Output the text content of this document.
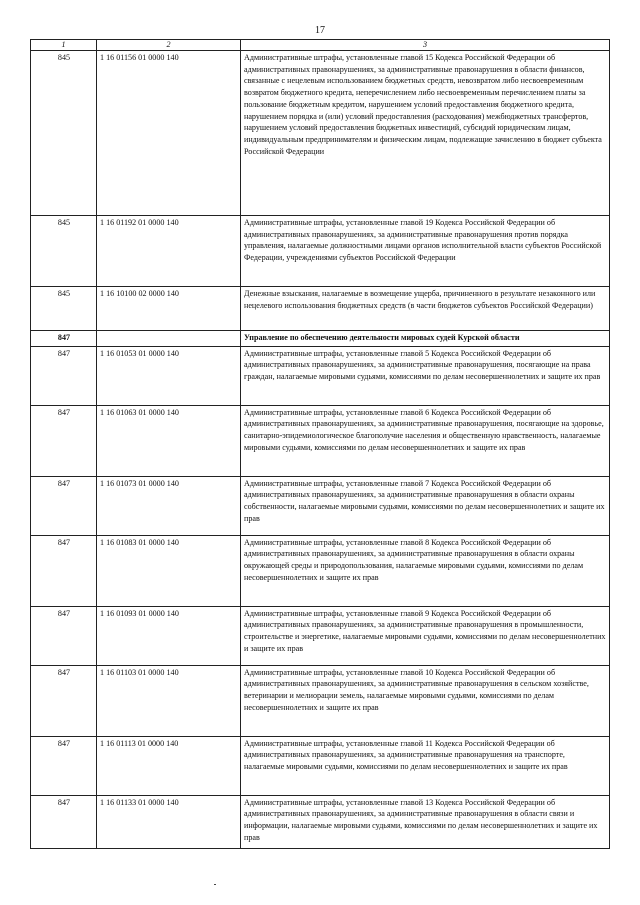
17
1	2	3
845	1 16 01156 01 0000 140	Административные штрафы, установленные главой 15 Кодекса Российской Федерации об административных правонарушениях, за административные правонарушения в области финансов, связанные с нецелевым использованием бюджетных средств, невозвратом либо несвоевременным возвратом бюджетного кредита, неперечислением либо несвоевременным перечислением платы за пользование бюджетным кредитом, нарушением условий предоставления бюджетного кредита, нарушением порядка и (или) условий предоставления (расходования) межбюджетных трансфертов, нарушением условий предоставления бюджетных инвестиций, субсидий юридическим лицам, индивидуальным предпринимателям и физическим лицам, подлежащие зачислению в бюджет субъекта Российской Федерации
845	1 16 01192 01 0000 140	Административные штрафы, установленные главой 19 Кодекса Российской Федерации об административных правонарушениях, за административные правонарушения против порядка управления, налагаемые должностными лицами органов исполнительной власти субъектов Российской Федерации, учреждениями субъектов Российской Федерации
845	1 16 10100 02 0000 140	Денежные взыскания, налагаемые в возмещение ущерба, причиненного в результате незаконного или нецелевого использования бюджетных средств (в части бюджетов субъектов Российской Федерации)
847		Управление по обеспечению деятельности мировых судей Курской области
847	1 16 01053 01 0000 140	Административные штрафы, установленные главой 5 Кодекса Российской Федерации об административных правонарушениях, за административные правонарушения, посягающие на права граждан, налагаемые мировыми судьями, комиссиями по делам несовершеннолетних и защите их прав
847	1 16 01063 01 0000 140	Административные штрафы, установленные главой 6 Кодекса Российской Федерации об административных правонарушениях, за административные правонарушения, посягающие на здоровье, санитарно-эпидемиологическое благополучие населения и общественную нравственность, налагаемые мировыми судьями, комиссиями по делам несовершеннолетних и защите их прав
847	1 16 01073 01 0000 140	Административные штрафы, установленные главой 7 Кодекса Российской Федерации об административных правонарушениях, за административные правонарушения в области охраны собственности, налагаемые мировыми судьями, комиссиями по делам несовершеннолетних и защите их прав
847	1 16 01083 01 0000 140	Административные штрафы, установленные главой 8 Кодекса Российской Федерации об административных правонарушениях, за административные правонарушения в области охраны окружающей среды и природопользования, налагаемые мировыми судьями, комиссиями по делам несовершеннолетних и защите их прав
847	1 16 01093 01 0000 140	Административные штрафы, установленные главой 9 Кодекса Российской Федерации об административных правонарушениях, за административные правонарушения в промышленности, строительстве и энергетике, налагаемые мировыми судьями, комиссиями по делам несовершеннолетних и защите их прав
847	1 16 01103 01 0000 140	Административные штрафы, установленные главой 10 Кодекса Российской Федерации об административных правонарушениях, за административные правонарушения в сельском хозяйстве, ветеринарии и мелиорации земель, налагаемые мировыми судьями, комиссиями по делам несовершеннолетних и защите их прав
847	1 16 01113 01 0000 140	Административные штрафы, установленные главой 11 Кодекса Российской Федерации об административных правонарушениях, за административные правонарушения на транспорте, налагаемые мировыми судьями, комиссиями по делам несовершеннолетних и защите их прав
847	1 16 01133 01 0000 140	Административные штрафы, установленные главой 13 Кодекса Российской Федерации об административных правонарушениях, за административные правонарушения в области связи и информации, налагаемые мировыми судьями, комиссиями по делам несовершеннолетних и защите их прав
